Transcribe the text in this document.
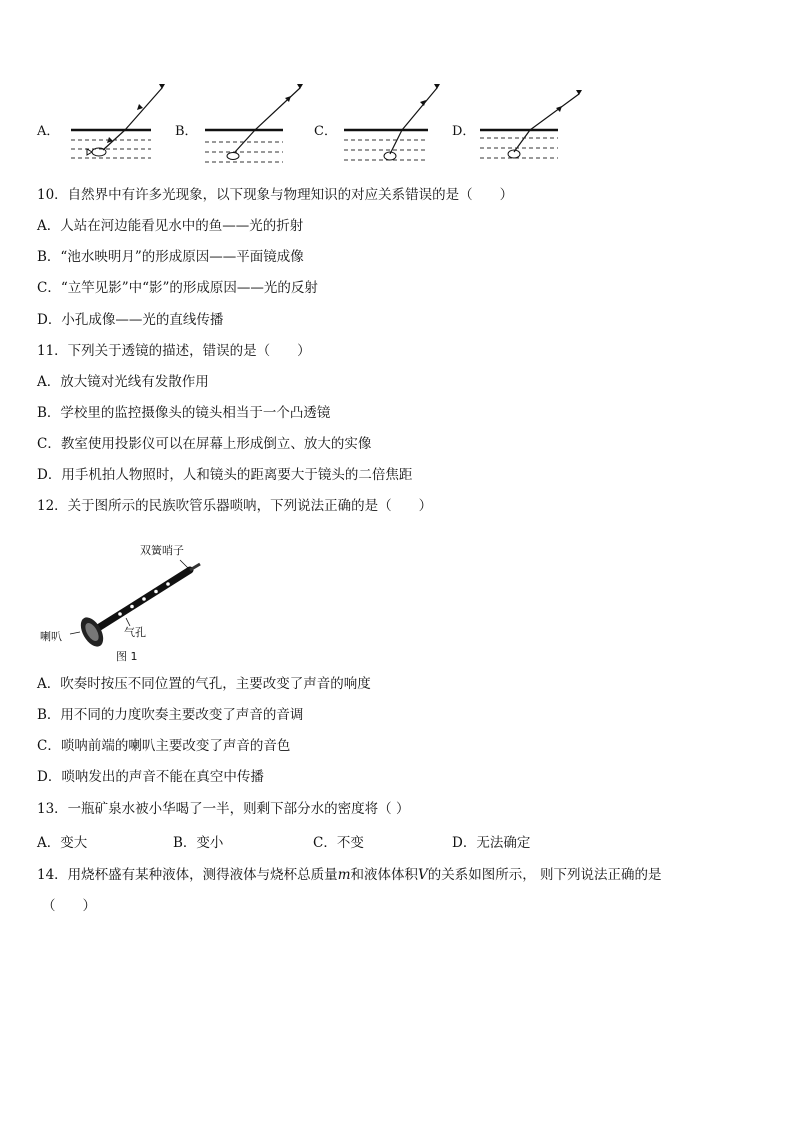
A．	B．	C．	D．
10．自然界中有许多光现象，以下现象与物理知识的对应关系错误的是（　　）
A．人站在河边能看见水中的鱼——光的折射
B．“池水映明月”的形成原因——平面镜成像
C．“立竿见影”中“影”的形成原因——光的反射
D．小孔成像——光的直线传播
11．下列关于透镜的描述，错误的是（　　）
A．放大镜对光线有发散作用
B．学校里的监控摄像头的镜头相当于一个凸透镜
C．教室使用投影仪可以在屏幕上形成倒立、放大的实像
D．用手机拍人物照时，人和镜头的距离要大于镜头的二倍焦距
12．关于图所示的民族吹管乐器唢呐，下列说法正确的是（　　）
双簧哨子
喇叭	气孔
图 1
A．吹奏时按压不同位置的气孔，主要改变了声音的响度
B．用不同的力度吹奏主要改变了声音的音调
C．唢呐前端的喇叭主要改变了声音的音色
D．唢呐发出的声音不能在真空中传播
13．一瓶矿泉水被小华喝了一半，则剩下部分水的密度将（ ）
A．变大	B．变小	C．不变	D．无法确定
14．用烧杯盛有某种液体，测得液体与烧杯总质量m和液体体积V的关系如图所示， 则下列说法正确的是
（　　）
